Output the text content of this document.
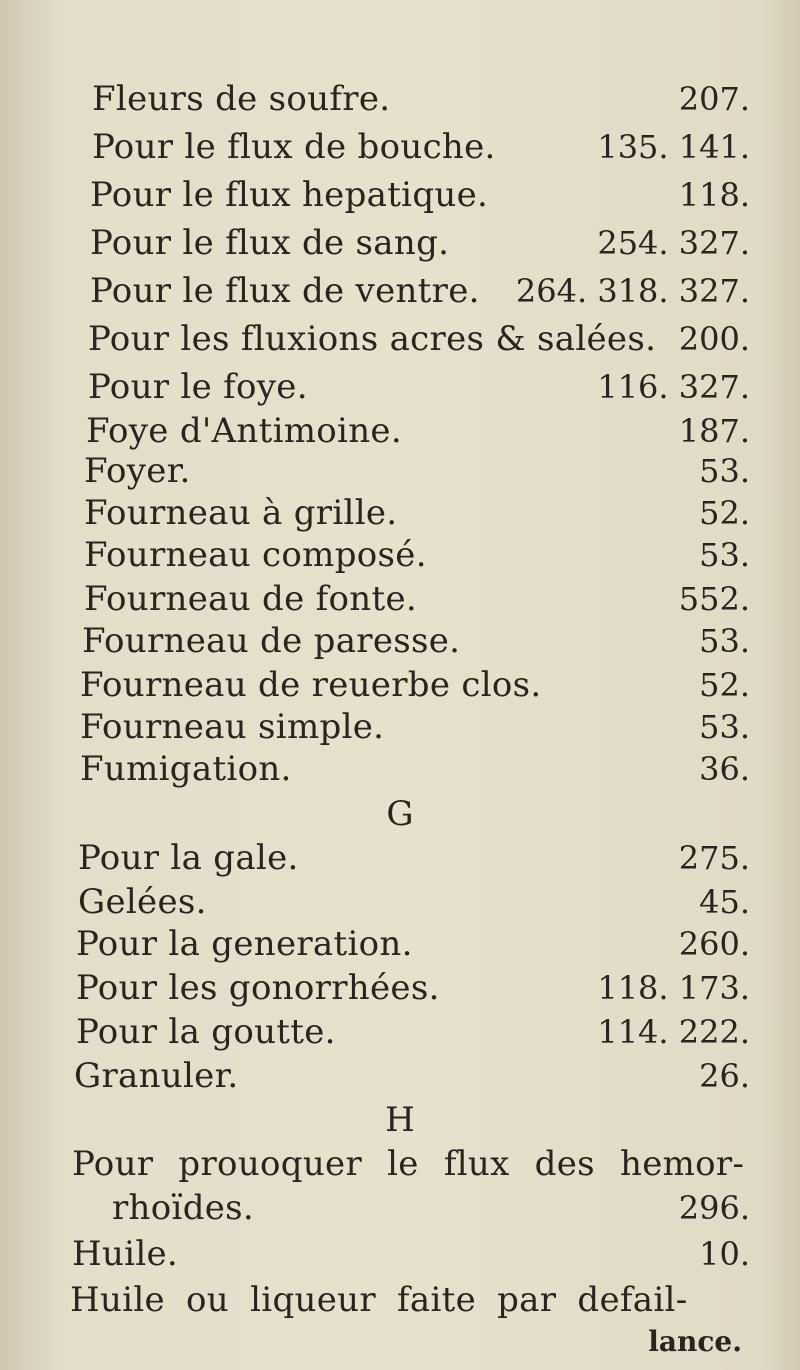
Fleurs de soufre.	207.
Pour le flux de bouche.	135. 141.
Pour le flux hepatique.	118.
Pour le flux de sang.	254. 327.
Pour le flux de ventre. 264. 318. 327.
Pour les fluxions acres & salées. 200.
Pour le foye.	116. 327.
Foye d'Antimoine.	187.
Foyer.	53.
Fourneau à grille.	52.
Fourneau composé.	53.
Fourneau de fonte.	552.
Fourneau de paresse.	53.
Fourneau de reuerbe clos.	52.
Fourneau simple.	53.
Fumigation.	36.
G
Pour la gale.	275.
Gelées.	45.
Pour la generation.	260.
Pour les gonorrhées.	118. 173.
Pour la goutte.	114. 222.
Granuler.	26.
H
Pour prouoquer le flux des hemor-
rhoïdes.	296.
Huile.	10.
Huile ou liqueur faite par defail-
lance.
